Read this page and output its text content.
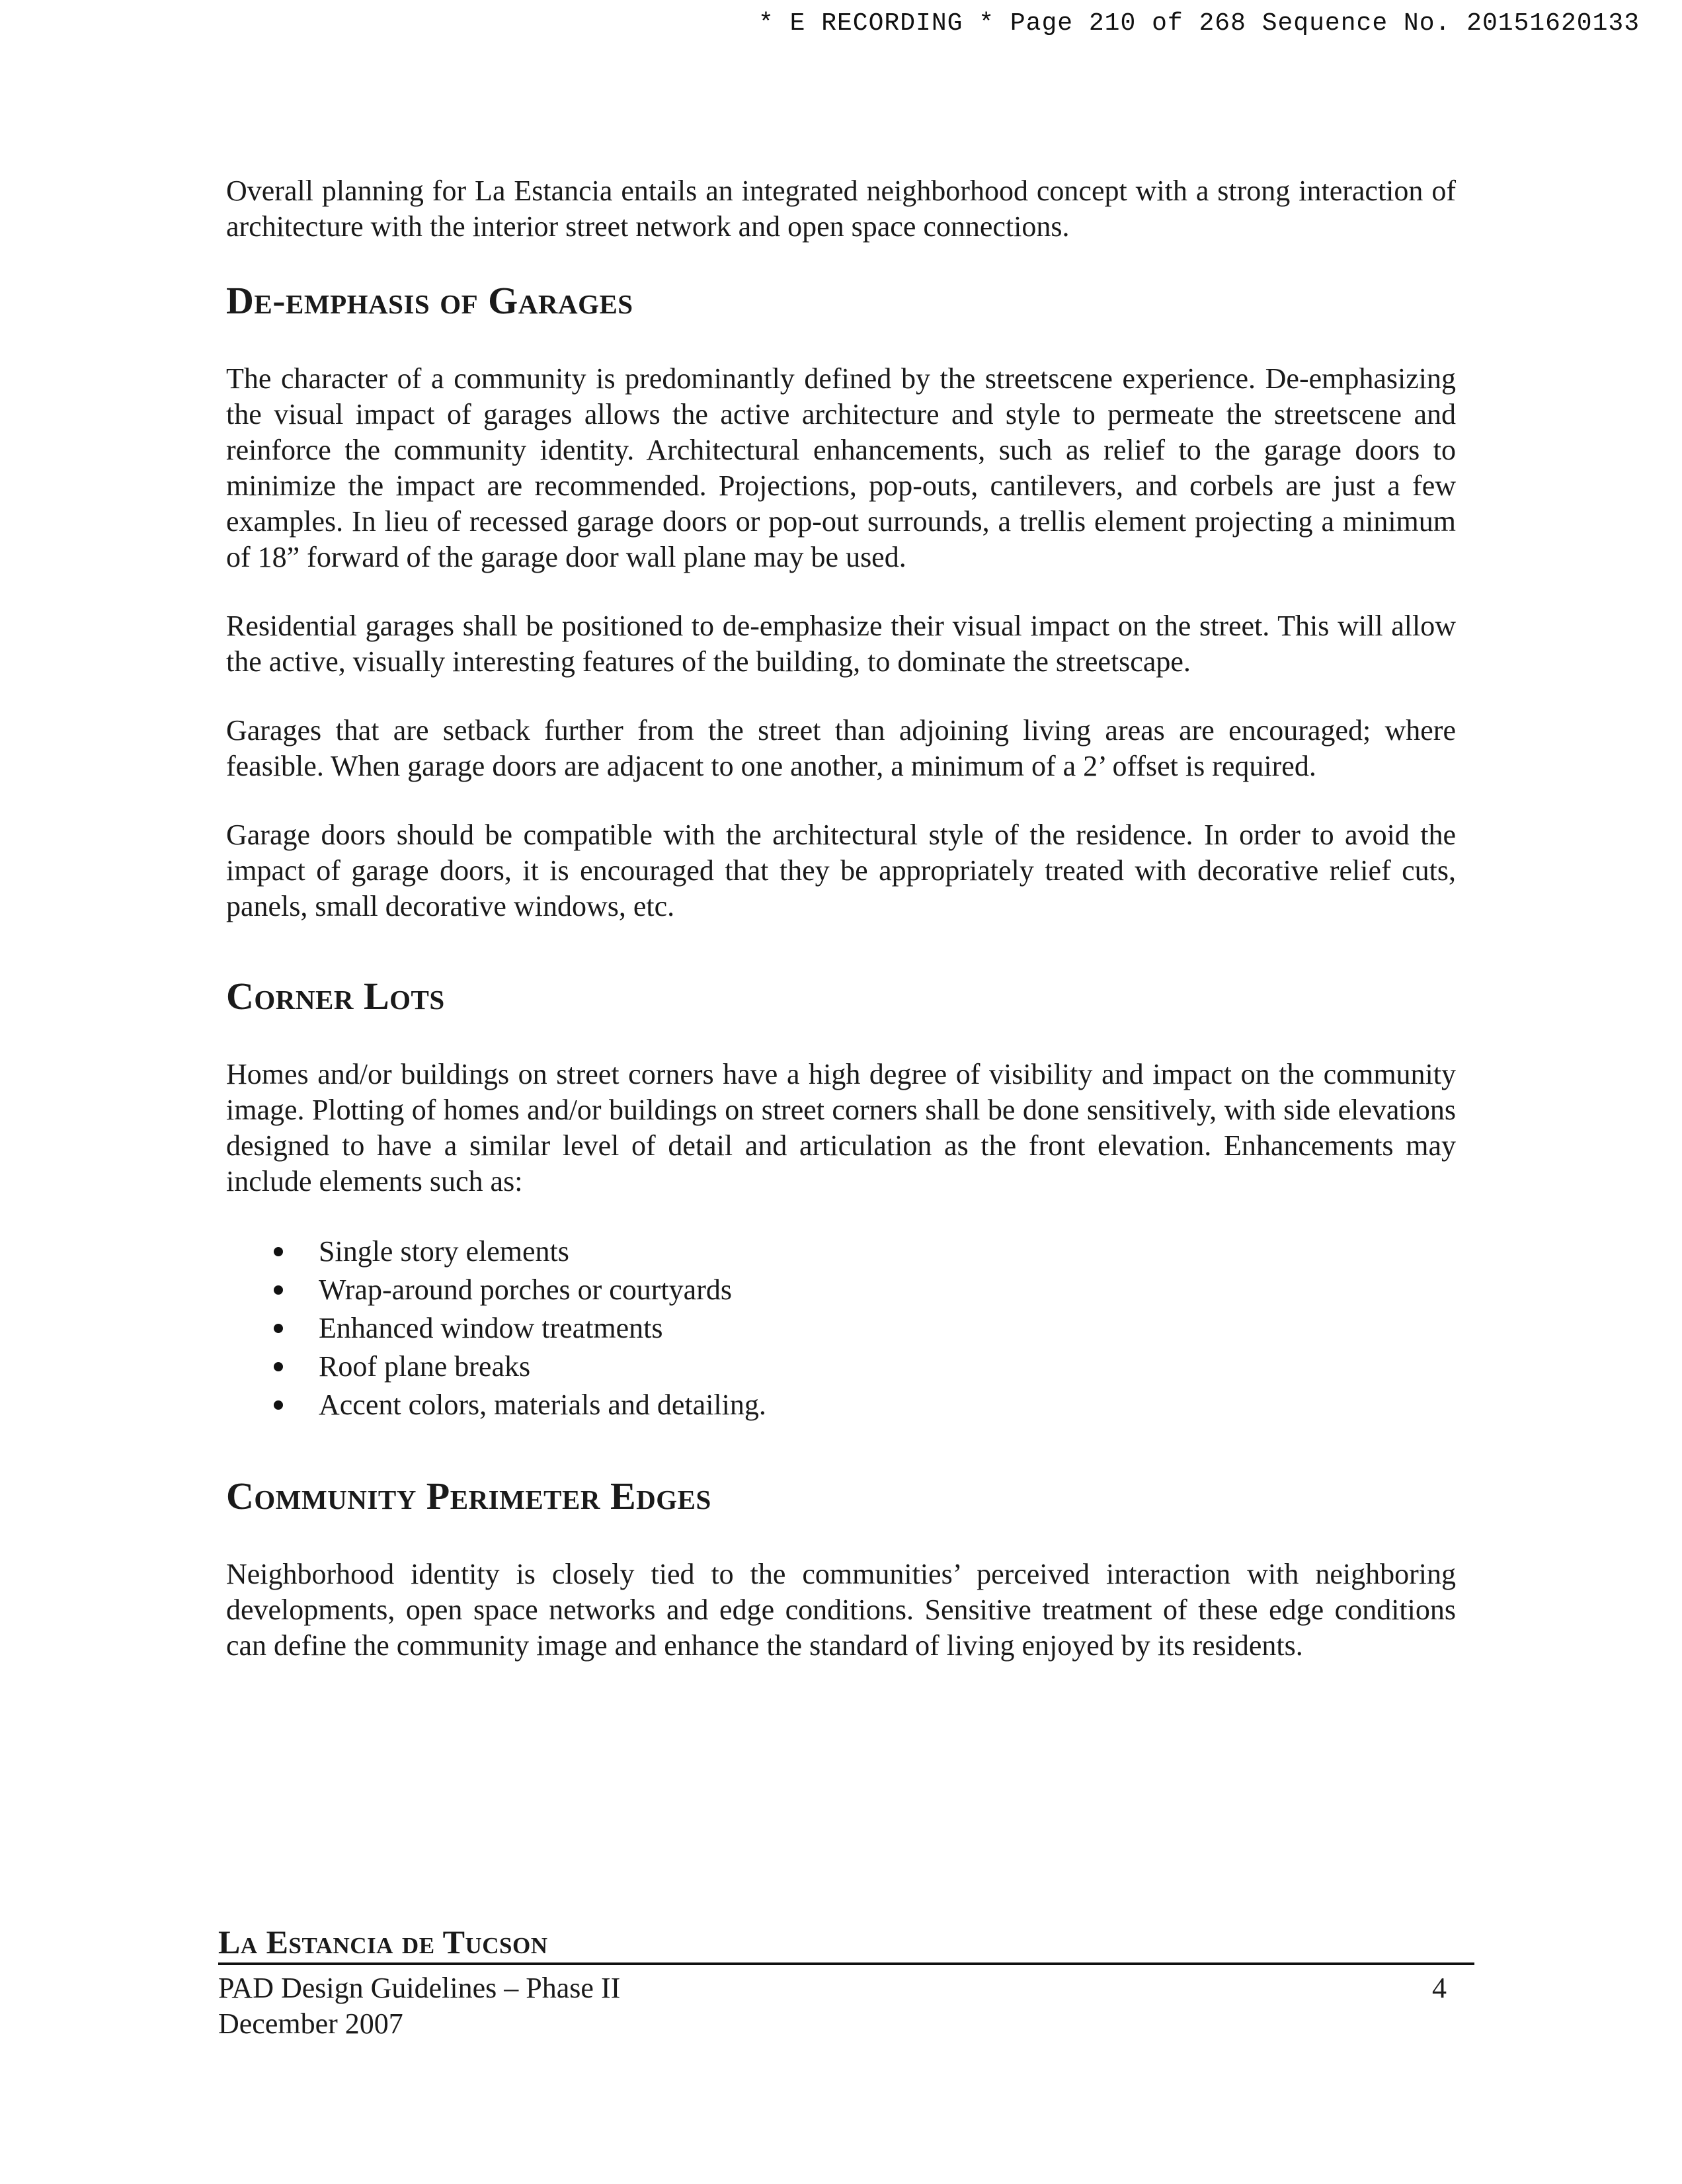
* E RECORDING * Page 210 of 268 Sequence No. 20151620133

Overall planning for La Estancia entails an integrated neighborhood concept with a strong interaction of architecture with the interior street network and open space connections.

De-emphasis of Garages

The character of a community is predominantly defined by the streetscene experience. De-emphasizing the visual impact of garages allows the active architecture and style to permeate the streetscene and reinforce the community identity. Architectural enhancements, such as relief to the garage doors to minimize the impact are recommended. Projections, pop-outs, cantilevers, and corbels are just a few examples. In lieu of recessed garage doors or pop-out surrounds, a trellis element projecting a minimum of 18” forward of the garage door wall plane may be used.

Residential garages shall be positioned to de-emphasize their visual impact on the street. This will allow the active, visually interesting features of the building, to dominate the streetscape.

Garages that are setback further from the street than adjoining living areas are encouraged; where feasible. When garage doors are adjacent to one another, a minimum of a 2’ offset is required.

Garage doors should be compatible with the architectural style of the residence. In order to avoid the impact of garage doors, it is encouraged that they be appropriately treated with decorative relief cuts, panels, small decorative windows, etc.

Corner Lots

Homes and/or buildings on street corners have a high degree of visibility and impact on the community image. Plotting of homes and/or buildings on street corners shall be done sensitively, with side elevations designed to have a similar level of detail and articulation as the front elevation. Enhancements may include elements such as:

Single story elements
Wrap-around porches or courtyards
Enhanced window treatments
Roof plane breaks
Accent colors, materials and detailing.
Community Perimeter Edges

Neighborhood identity is closely tied to the communities’ perceived interaction with neighboring developments, open space networks and edge conditions. Sensitive treatment of these edge conditions can define the community image and enhance the standard of living enjoyed by its residents.

La Estancia de Tucson
PAD Design Guidelines – Phase II	4
December 2007
